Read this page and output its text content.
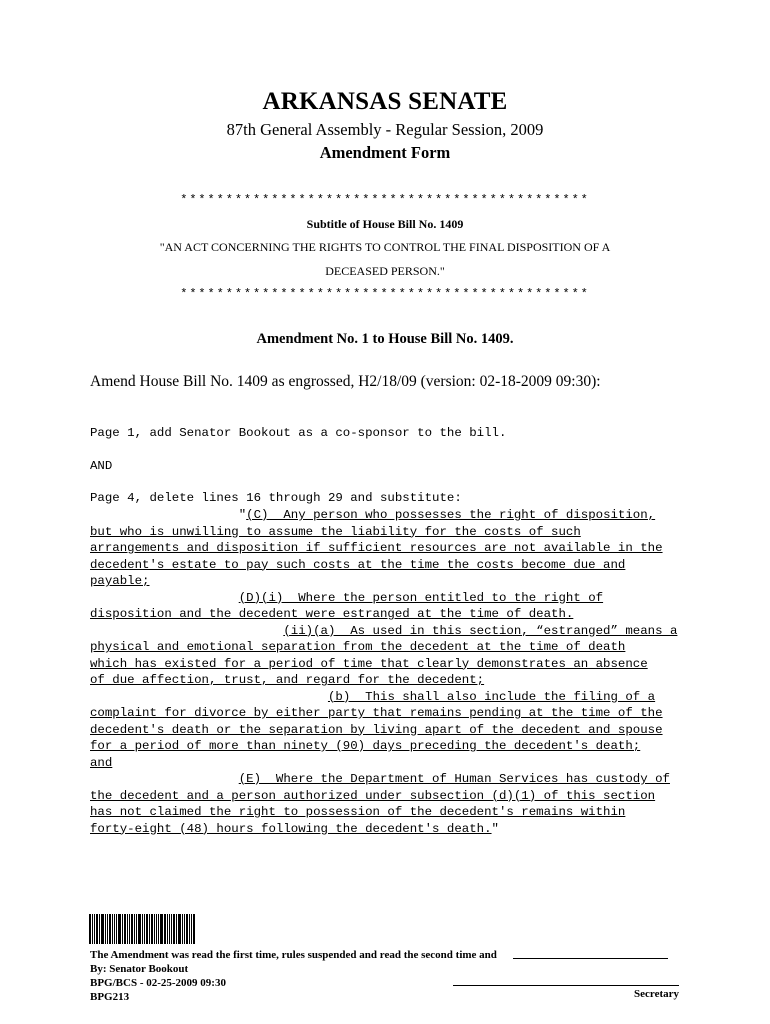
ARKANSAS SENATE
87th General Assembly - Regular Session, 2009
Amendment Form
*********************************************
Subtitle of House Bill No. 1409
"AN ACT CONCERNING THE RIGHTS TO CONTROL THE FINAL DISPOSITION OF A
DECEASED PERSON."
*********************************************
Amendment No. 1 to House Bill No. 1409.
Amend House Bill No. 1409 as engrossed, H2/18/09 (version: 02-18-2009 09:30):
Page 1, add Senator Bookout as a co-sponsor to the bill.
AND
Page 4, delete lines 16 through 29 and substitute:
"(C)  Any person who possesses the right of disposition,
but who is unwilling to assume the liability for the costs of such
arrangements and disposition if sufficient resources are not available in the
decedent's estate to pay such costs at the time the costs become due and
payable;
(D)(i)  Where the person entitled to the right of
disposition and the decedent were estranged at the time of death.
(ii)(a)  As used in this section, “estranged” means a
physical and emotional separation from the decedent at the time of death
which has existed for a period of time that clearly demonstrates an absence
of due affection, trust, and regard for the decedent;
(b)  This shall also include the filing of a
complaint for divorce by either party that remains pending at the time of the
decedent's death or the separation by living apart of the decedent and spouse
for a period of more than ninety (90) days preceding the decedent's death;
and
(E)  Where the Department of Human Services has custody of
the decedent and a person authorized under subsection (d)(1) of this section
has not claimed the right to possession of the decedent's remains within
forty-eight (48) hours following the decedent's death."
The Amendment was read the first time, rules suspended and read the second time and
By: Senator Bookout
BPG/BCS - 02-25-2009 09:30
BPG213	Secretary
